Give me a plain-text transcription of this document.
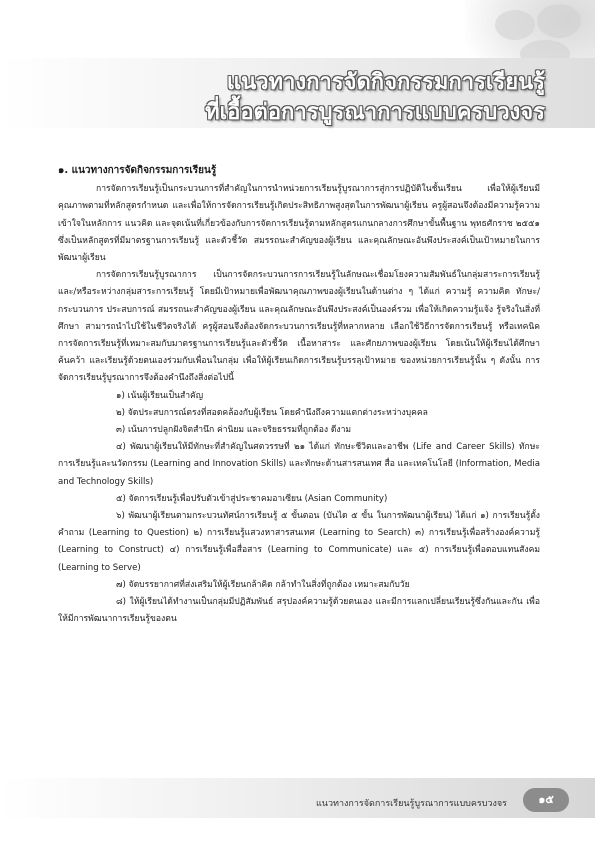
แนวทางการจัดกิจกรรมการเรียนรู้
ที่เอื้อต่อการบูรณาการแบบครบวงจร

๑. แนวทางการจัดกิจกรรมการเรียนรู้

การจัดการเรียนรู้เป็นกระบวนการที่สำคัญในการนำหน่วยการเรียนรู้บูรณาการสู่การปฏิบัติในชั้นเรียน เพื่อให้ผู้เรียนมีคุณภาพตามที่หลักสูตรกำหนด และเพื่อให้การจัดการเรียนรู้เกิดประสิทธิภาพสูงสุดในการพัฒนาผู้เรียน ครูผู้สอนจึงต้องมีความรู้ความเข้าใจในหลักการ แนวคิด และจุดเน้นที่เกี่ยวข้องกับการจัดการเรียนรู้ตามหลักสูตรแกนกลางการศึกษาขั้นพื้นฐาน พุทธศักราช ๒๕๕๑ ซึ่งเป็นหลักสูตรที่มีมาตรฐานการเรียนรู้ และตัวชี้วัด สมรรถนะสำคัญของผู้เรียน และคุณลักษณะอันพึงประสงค์เป็นเป้าหมายในการพัฒนาผู้เรียน

การจัดการเรียนรู้บูรณาการ เป็นการจัดกระบวนการการเรียนรู้ในลักษณะเชื่อมโยงความสัมพันธ์ในกลุ่มสาระการเรียนรู้ และ/หรือระหว่างกลุ่มสาระการเรียนรู้ โดยมีเป้าหมายเพื่อพัฒนาคุณภาพของผู้เรียนในด้านต่าง ๆ ได้แก่ ความรู้ ความคิด ทักษะ/กระบวนการ ประสบการณ์ สมรรถนะสำคัญของผู้เรียน และคุณลักษณะอันพึงประสงค์เป็นองค์รวม เพื่อให้เกิดความรู้แจ้ง รู้จริงในสิ่งที่ศึกษา สามารถนำไปใช้ในชีวิตจริงได้ ครูผู้สอนจึงต้องจัดกระบวนการเรียนรู้ที่หลากหลาย เลือกใช้วิธีการจัดการเรียนรู้ หรือเทคนิคการจัดการเรียนรู้ที่เหมาะสมกับมาตรฐานการเรียนรู้และตัวชี้วัด เนื้อหาสาระ และศักยภาพของผู้เรียน โดยเน้นให้ผู้เรียนได้ศึกษา ค้นคว้า และเรียนรู้ด้วยตนเองร่วมกับเพื่อนในกลุ่ม เพื่อให้ผู้เรียนเกิดการเรียนรู้บรรลุเป้าหมาย ของหน่วยการเรียนรู้นั้น ๆ ดังนั้น การจัดการเรียนรู้บูรณาการจึงต้องคำนึงถึงสิ่งต่อไปนี้

๑) เน้นผู้เรียนเป็นสำคัญ

๒) จัดประสบการณ์ตรงที่สอดคล้องกับผู้เรียน โดยคำนึงถึงความแตกต่างระหว่างบุคคล

๓) เน้นการปลูกฝังจิตสำนึก ค่านิยม และจริยธรรมที่ถูกต้อง ดีงาม

๔) พัฒนาผู้เรียนให้มีทักษะที่สำคัญในศตวรรษที่ ๒๑ ได้แก่ ทักษะชีวิตและอาชีพ (Life and Career Skills) ทักษะการเรียนรู้และนวัตกรรม (Learning and Innovation Skills) และทักษะด้านสารสนเทศ สื่อ และเทคโนโลยี (Information, Media and Technology Skills)

๕) จัดการเรียนรู้เพื่อปรับตัวเข้าสู่ประชาคมอาเซียน (Asian Community)

๖) พัฒนาผู้เรียนตามกระบวนทัศน์การเรียนรู้ ๕ ขั้นตอน (บันได ๕ ขั้น ในการพัฒนาผู้เรียน) ได้แก่ ๑) การเรียนรู้ตั้งคำถาม (Learning to Question) ๒) การเรียนรู้แสวงหาสารสนเทศ (Learning to Search) ๓) การเรียนรู้เพื่อสร้างองค์ความรู้ (Learning to Construct) ๔) การเรียนรู้เพื่อสื่อสาร (Learning to Communicate) และ ๕) การเรียนรู้เพื่อตอบแทนสังคม (Learning to Serve)

๗) จัดบรรยากาศที่ส่งเสริมให้ผู้เรียนกล้าคิด กล้าทำในสิ่งที่ถูกต้อง เหมาะสมกับวัย

๘) ให้ผู้เรียนได้ทำงานเป็นกลุ่มมีปฏิสัมพันธ์ สรุปองค์ความรู้ด้วยตนเอง และมีการแลกเปลี่ยนเรียนรู้ซึ่งกันและกัน เพื่อให้มีการพัฒนาการเรียนรู้ของตน

แนวทางการจัดการเรียนรู้บูรณาการแบบครบวงจร	๑๕
